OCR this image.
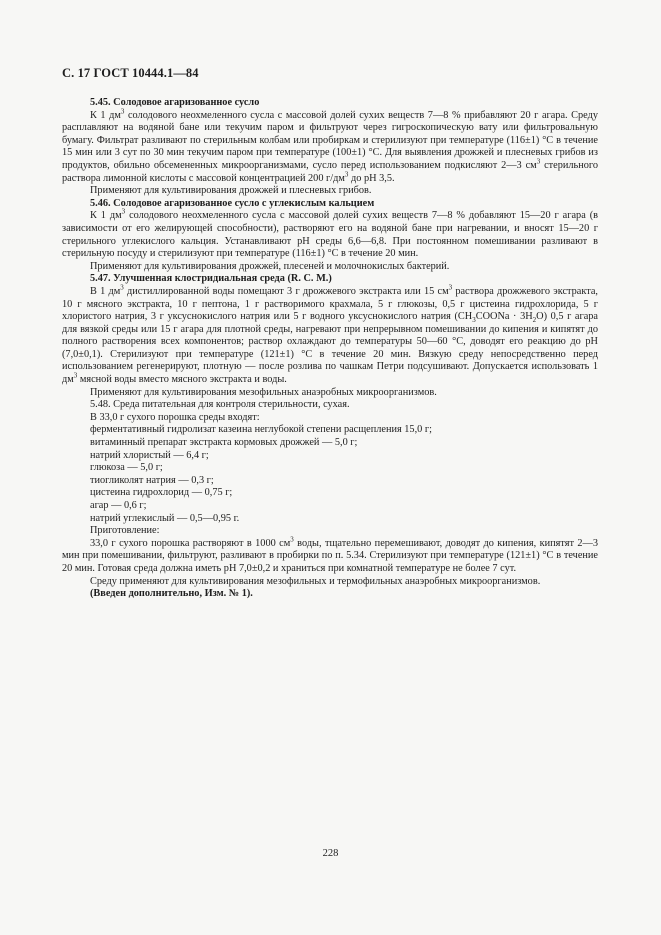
С. 17 ГОСТ 10444.1—84

5.45. Солодовое агаризованное сусло

К 1 $дм^3$ солодового неохмеленного сусла с массовой долей сухих веществ 7—8 % прибавляют 20 г агара. Среду расплавляют на водяной бане или текучим паром и фильтруют через гигроскопическую вату или фильтровальную бумагу. Фильтрат разливают по стерильным колбам или пробиркам и стерилизуют при температуре (116±1) °С в течение 15 мин или 3 сут по 30 мин текучим паром при температуре (100±1) °С. Для выявления дрожжей и плесневых грибов из продуктов, обильно обсемененных микроорганизмами, сусло перед использованием подкисляют 2—3 $см^3$ стерильного раствора лимонной кислоты с массовой концентрацией 200 $г/дм^3$ до pH 3,5.

Применяют для культивирования дрожжей и плесневых грибов.

5.46. Солодовое агаризованное сусло с углекислым кальцием

К 1 $дм^3$ солодового неохмеленного сусла с массовой долей сухих веществ 7—8 % добавляют 15—20 г агара (в зависимости от его желирующей способности), растворяют его на водяной бане при нагревании, и вносят 15—20 г стерильного углекислого кальция. Устанавливают pH среды 6,6—6,8. При постоянном помешивании разливают в стерильную посуду и стерилизуют при температуре (116±1) °С в течение 20 мин.

Применяют для культивирования дрожжей, плесеней и молочнокислых бактерий.

5.47. Улучшенная клостридиальная среда (R. C. M.)

В 1 $дм^3$ дистиллированной воды помещают 3 г дрожжевого экстракта или 15 $см^3$ раствора дрожжевого экстракта, 10 г мясного экстракта, 10 г пептона, 1 г растворимого крахмала, 5 г глюкозы, 0,5 г цистеина гидрохлорида, 5 г хлористого натрия, 3 г уксуснокислого натрия или 5 г водного уксуснокислого натрия $(CH_3COONa \cdot 3H_2O)$ 0,5 г агара для вязкой среды или 15 г агара для плотной среды, нагревают при непрерывном помешивании до кипения и кипятят до полного растворения всех компонентов; раствор охлаждают до температуры 50—60 °С, доводят его реакцию до pH (7,0±0,1). Стерилизуют при температуре (121±1) °С в течение 20 мин. Вязкую среду непосредственно перед использованием регенерируют, плотную — после розлива по чашкам Петри подсушивают. Допускается использовать 1 $дм^3$ мясной воды вместо мясного экстракта и воды.

Применяют для культивирования мезофильных анаэробных микроорганизмов.

5.48. Среда питательная для контроля стерильности, сухая.

В 33,0 г сухого порошка среды входят:

ферментативный гидролизат казеина неглубокой степени расщепления 15,0 г;

витаминный препарат экстракта кормовых дрожжей — 5,0 г;

натрий хлористый — 6,4 г;

глюкоза — 5,0 г;

тиогликолят натрия — 0,3 г;

цистеина гидрохлорид — 0,75 г;

агар — 0,6 г;

натрий углекислый — 0,5—0,95 г.

Приготовление:

33,0 г сухого порошка растворяют в 1000 $см^3$ воды, тщательно перемешивают, доводят до кипения, кипятят 2—3 мин при помешивании, фильтруют, разливают в пробирки по п. 5.34. Стерилизуют при температуре (121±1) °С в течение 20 мин. Готовая среда должна иметь pH 7,0±0,2 и храниться при комнатной температуре не более 7 сут.

Среду применяют для культивирования мезофильных и термофильных анаэробных микроорганизмов.

(Введен дополнительно, Изм. № 1).

228
